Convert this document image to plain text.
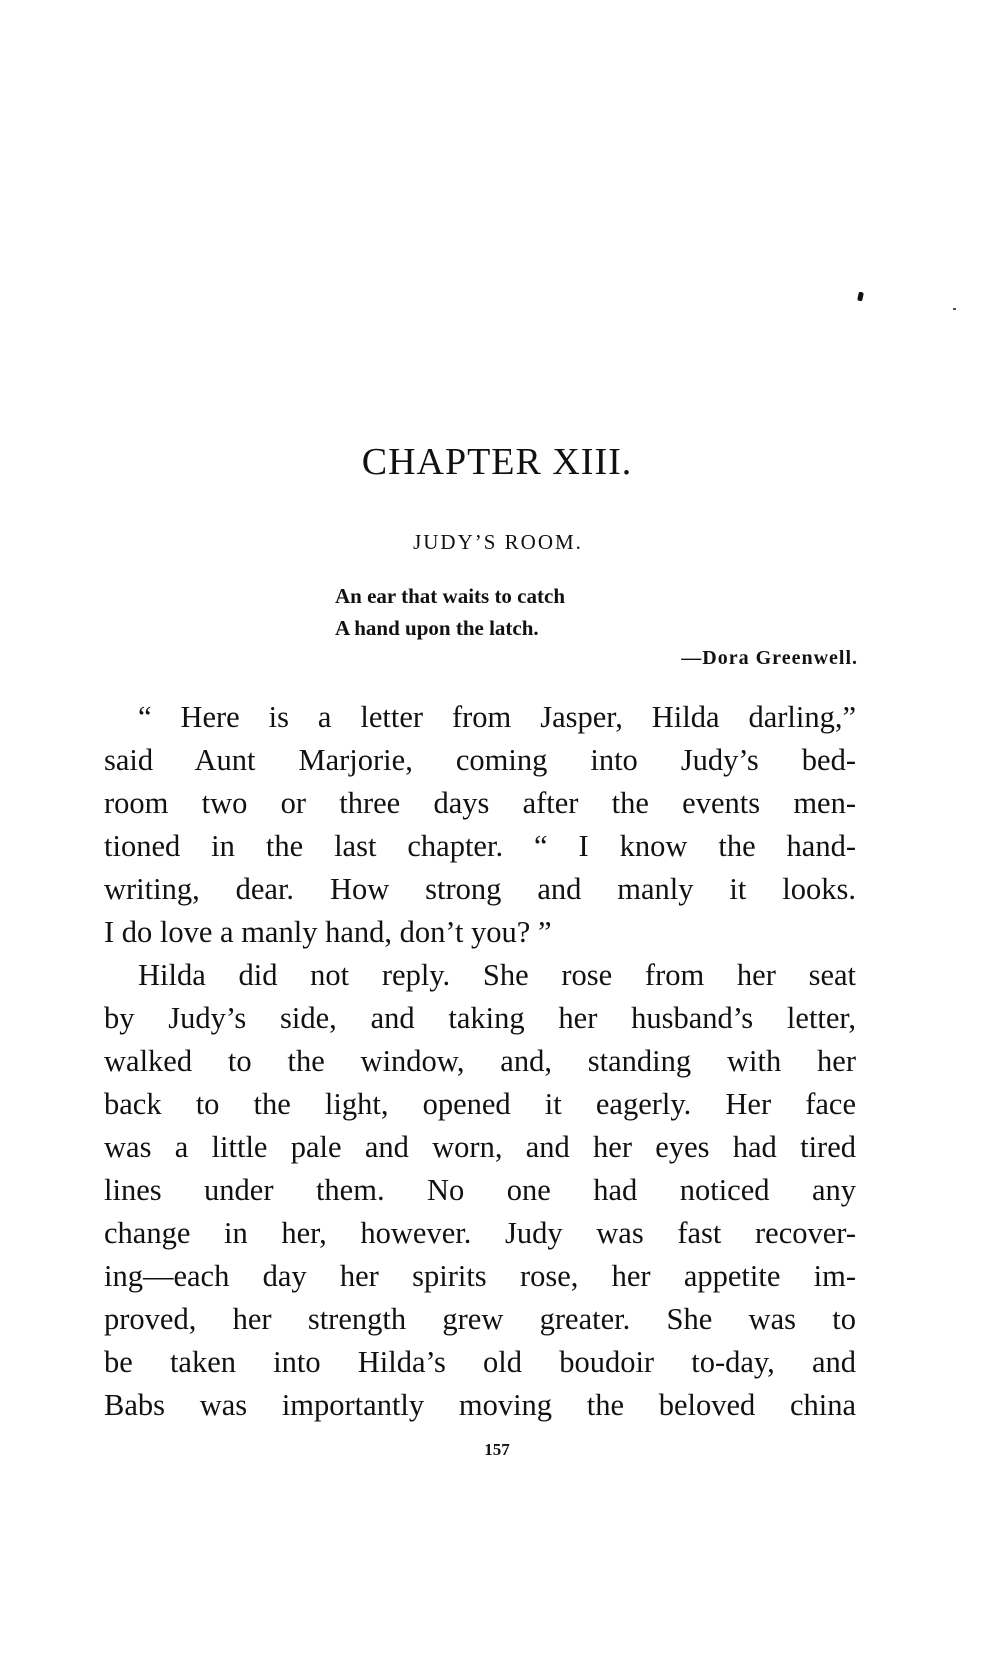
CHAPTER XIII.
JUDY’S ROOM.
An ear that waits to catch
A hand upon the latch.
—Dora Greenwell.
“ Here is a letter from Jasper, Hilda darling,”
said Aunt Marjorie, coming into Judy’s bed-
room two or three days after the events men-
tioned in the last chapter. “ I know the hand-
writing, dear. How strong and manly it looks.
I do love a manly hand, don’t you? ”
Hilda did not reply. She rose from her seat
by Judy’s side, and taking her husband’s letter,
walked to the window, and, standing with her
back to the light, opened it eagerly. Her face
was a little pale and worn, and her eyes had tired
lines under them. No one had noticed any
change in her, however. Judy was fast recover-
ing—each day her spirits rose, her appetite im-
proved, her strength grew greater. She was to
be taken into Hilda’s old boudoir to-day, and
Babs was importantly moving the beloved china
157
